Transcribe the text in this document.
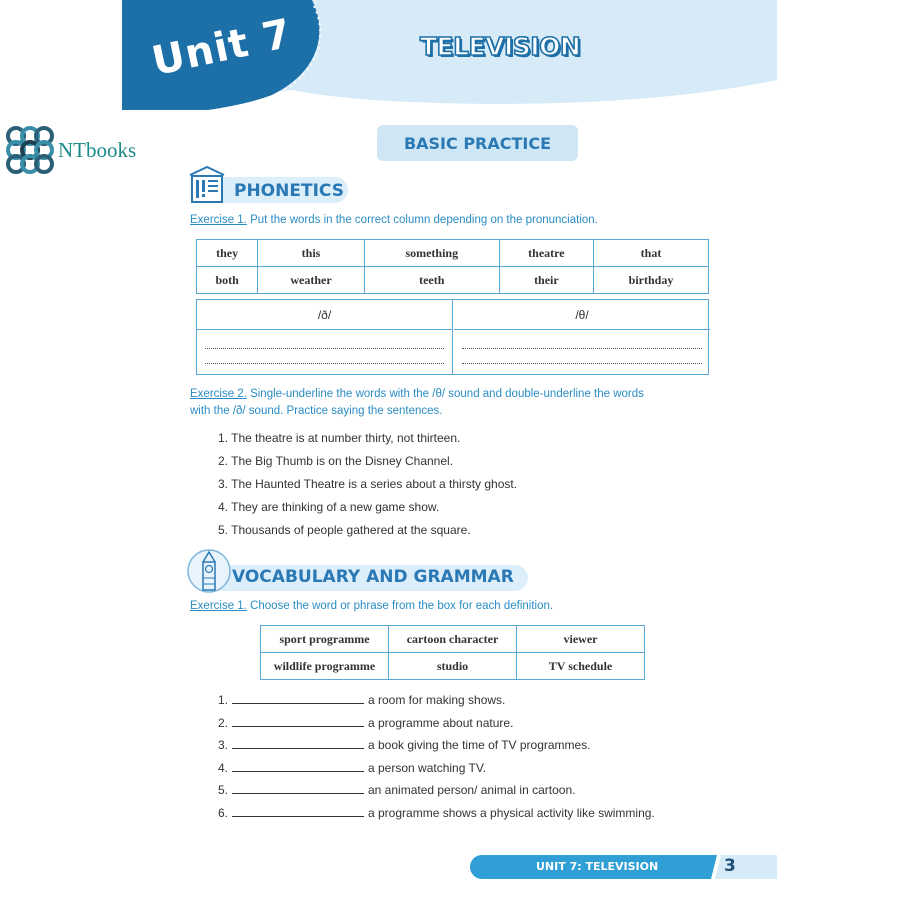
Unit 7	TELEVISION
NTbooks	BASIC PRACTICE
PHONETICS
Exercise 1. Put the words in the correct column depending on the pronunciation.
they	this	something	theatre	that
both	weather	teeth	their	birthday
/ð/	/θ/
Exercise 2. Single-underline the words with the /θ/ sound and double-underline the words
with the /ð/ sound. Practice saying the sentences.
1. The theatre is at number thirty, not thirteen.
2. The Big Thumb is on the Disney Channel.
3. The Haunted Theatre is a series about a thirsty ghost.
4. They are thinking of a new game show.
5. Thousands of people gathered at the square.
VOCABULARY AND GRAMMAR
Exercise 1. Choose the word or phrase from the box for each definition.
sport programme	cartoon character	viewer
wildlife programme	studio	TV schedule
1.	a room for making shows.
2.	a programme about nature.
3.	a book giving the time of TV programmes.
4.	a person watching TV.
5.	an animated person/ animal in cartoon.
6.	a programme shows a physical activity like swimming.
UNIT 7: TELEVISION	3
